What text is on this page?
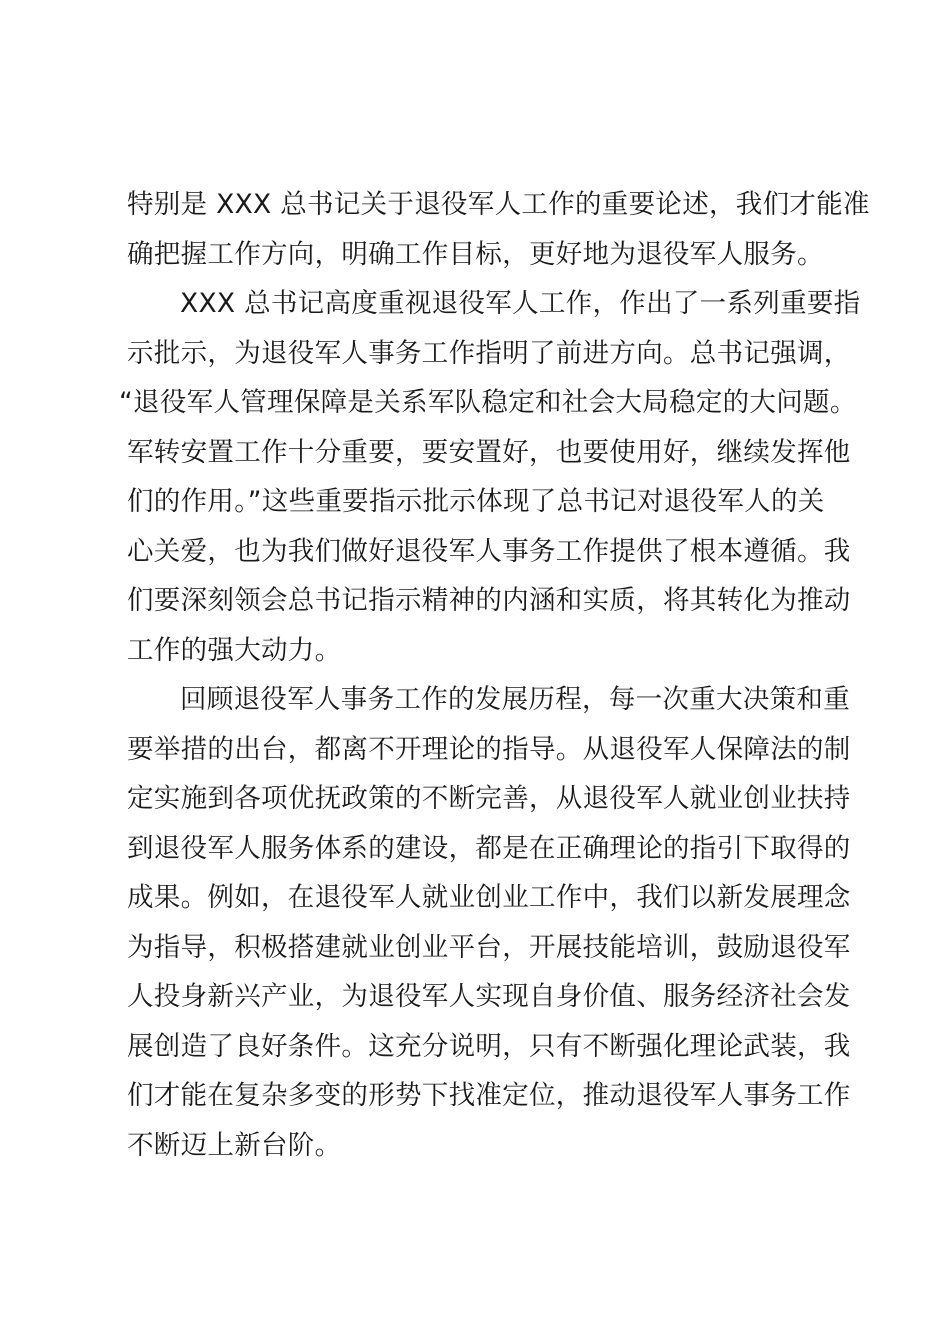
特别是 XXX 总书记关于退役军人工作的重要论述，我们才能准
确把握工作方向，明确工作目标，更好地为退役军人服务。
XXX 总书记高度重视退役军人工作，作出了一系列重要指
示批示，为退役军人事务工作指明了前进方向。总书记强调，
“退役军人管理保障是关系军队稳定和社会大局稳定的大问题。
军转安置工作十分重要，要安置好，也要使用好，继续发挥他
们的作用。”这些重要指示批示体现了总书记对退役军人的关
心关爱，也为我们做好退役军人事务工作提供了根本遵循。我
们要深刻领会总书记指示精神的内涵和实质，将其转化为推动
工作的强大动力。
回顾退役军人事务工作的发展历程，每一次重大决策和重
要举措的出台，都离不开理论的指导。从退役军人保障法的制
定实施到各项优抚政策的不断完善，从退役军人就业创业扶持
到退役军人服务体系的建设，都是在正确理论的指引下取得的
成果。例如，在退役军人就业创业工作中，我们以新发展理念
为指导，积极搭建就业创业平台，开展技能培训，鼓励退役军
人投身新兴产业，为退役军人实现自身价值、服务经济社会发
展创造了良好条件。这充分说明，只有不断强化理论武装，我
们才能在复杂多变的形势下找准定位，推动退役军人事务工作
不断迈上新台阶。
